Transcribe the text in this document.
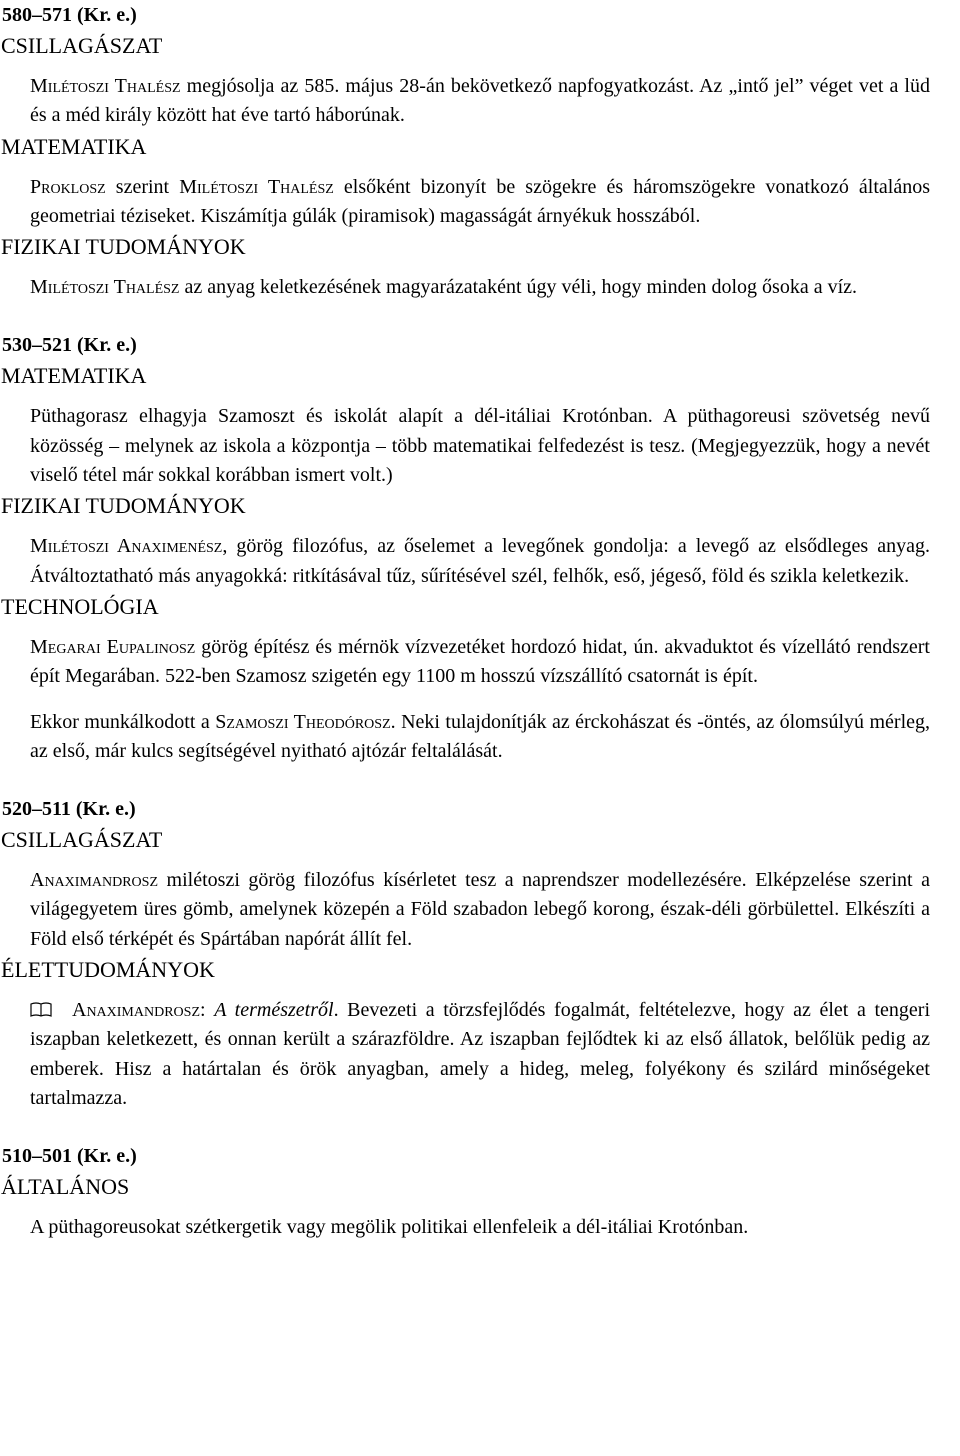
580–571 (Kr. e.)
CSILLAGÁSZAT

Milétoszi Thalész megjósolja az 585. május 28-án bekövetkező napfogyatkozást. Az „intő jel” véget vet a lüd és a méd király között hat éve tartó háborúnak.

MATEMATIKA

Proklosz szerint Milétoszi Thalész elsőként bizonyít be szögekre és háromszögekre vonatkozó általános geometriai téziseket. Kiszámítja gúlák (piramisok) magasságát árnyékuk hosszából.

FIZIKAI TUDOMÁNYOK

Milétoszi Thalész az anyag keletkezésének magyarázataként úgy véli, hogy minden dolog ősoka a víz.

530–521 (Kr. e.)
MATEMATIKA

Püthagorasz elhagyja Szamoszt és iskolát alapít a dél-itáliai Krotónban. A püthagoreusi szövetség nevű közösség – melynek az iskola a központja – több matematikai felfedezést is tesz. (Megjegyezzük, hogy a nevét viselő tétel már sokkal korábban ismert volt.)

FIZIKAI TUDOMÁNYOK

Milétoszi Anaximenész, görög filozófus, az őselemet a levegőnek gondolja: a levegő az elsődleges anyag. Átváltoztatható más anyagokká: ritkításával tűz, sűrítésével szél, felhők, eső, jégeső, föld és szikla keletkezik.

TECHNOLÓGIA

Megarai Eupalinosz görög építész és mérnök vízvezetéket hordozó hidat, ún. akvaduktot és vízellátó rendszert épít Megarában. 522-ben Szamosz szigetén egy 1100 m hosszú vízszállító csatornát is épít.

Ekkor munkálkodott a Szamoszi Theodórosz. Neki tulajdonítják az érckohászat és -öntés, az ólomsúlyú mérleg, az első, már kulcs segítségével nyitható ajtózár feltalálását.

520–511 (Kr. e.)
CSILLAGÁSZAT

Anaximandrosz milétoszi görög filozófus kísérletet tesz a naprendszer modellezésére. Elképzelése szerint a világegyetem üres gömb, amelynek közepén a Föld szabadon lebegő korong, észak-déli görbülettel. Elkészíti a Föld első térképét és Spártában napórát állít fel.

ÉLETTUDOMÁNYOK

Anaximandrosz: A természetről. Bevezeti a törzsfejlődés fogalmát, feltételezve, hogy az élet a tengeri iszapban keletkezett, és onnan került a szárazföldre. Az iszapban fejlődtek ki az első állatok, belőlük pedig az emberek. Hisz a határtalan és örök anyagban, amely a hideg, meleg, folyékony és szilárd minőségeket tartalmazza.

510–501 (Kr. e.)
ÁLTALÁNOS

A püthagoreusokat szétkergetik vagy megölik politikai ellenfeleik a dél-itáliai Krotónban.
